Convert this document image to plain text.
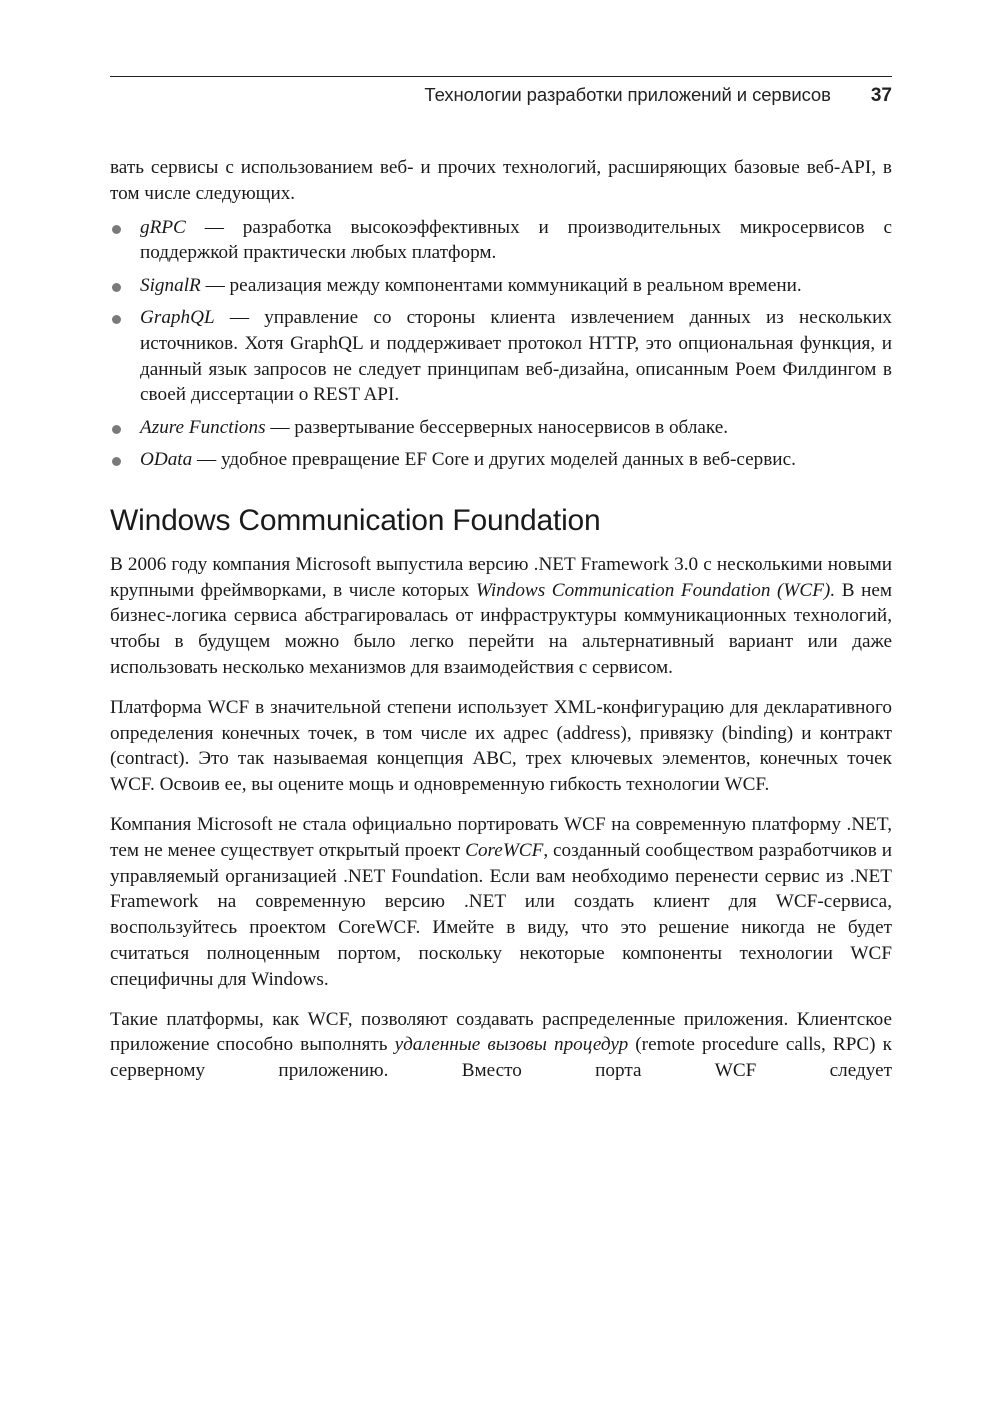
Технологии разработки приложений и сервисов 37

вать сервисы с использованием веб- и прочих технологий, расширяющих базовые веб-API, в том числе следующих.

gRPC — разработка высокоэффективных и производительных микросервисов с поддержкой практически любых платформ.
SignalR — реализация между компонентами коммуникаций в реальном времени.
GraphQL — управление со стороны клиента извлечением данных из нескольких источников. Хотя GraphQL и поддерживает протокол HTTP, это опциональная функция, и данный язык запросов не следует принципам веб-дизайна, описанным Роем Филдингом в своей диссертации о REST API.
Azure Functions — развертывание бессерверных наносервисов в облаке.
OData — удобное превращение EF Core и других моделей данных в веб-сервис.
Windows Communication Foundation

В 2006 году компания Microsoft выпустила версию .NET Framework 3.0 с несколькими новыми крупными фреймворками, в числе которых Windows Communication Foundation (WCF). В нем бизнес-логика сервиса абстрагировалась от инфраструктуры коммуникационных технологий, чтобы в будущем можно было легко перейти на альтернативный вариант или даже использовать несколько механизмов для взаимодействия с сервисом.

Платформа WCF в значительной степени использует XML-конфигурацию для декларативного определения конечных точек, в том числе их адрес (address), привязку (binding) и контракт (contract). Это так называемая концепция ABC, трех ключевых элементов, конечных точек WCF. Освоив ее, вы оцените мощь и одновременную гибкость технологии WCF.

Компания Microsoft не стала официально портировать WCF на современную платформу .NET, тем не менее существует открытый проект CoreWCF, созданный сообществом разработчиков и управляемый организацией .NET Foundation. Если вам необходимо перенести сервис из .NET Framework на современную версию .NET или создать клиент для WCF-сервиса, воспользуйтесь проектом CoreWCF. Имейте в виду, что это решение никогда не будет считаться полноценным портом, поскольку некоторые компоненты технологии WCF специфичны для Windows.

Такие платформы, как WCF, позволяют создавать распределенные приложения. Клиентское приложение способно выполнять удаленные вызовы процедур (remote procedure calls, RPC) к серверному приложению. Вместо порта WCF следует
